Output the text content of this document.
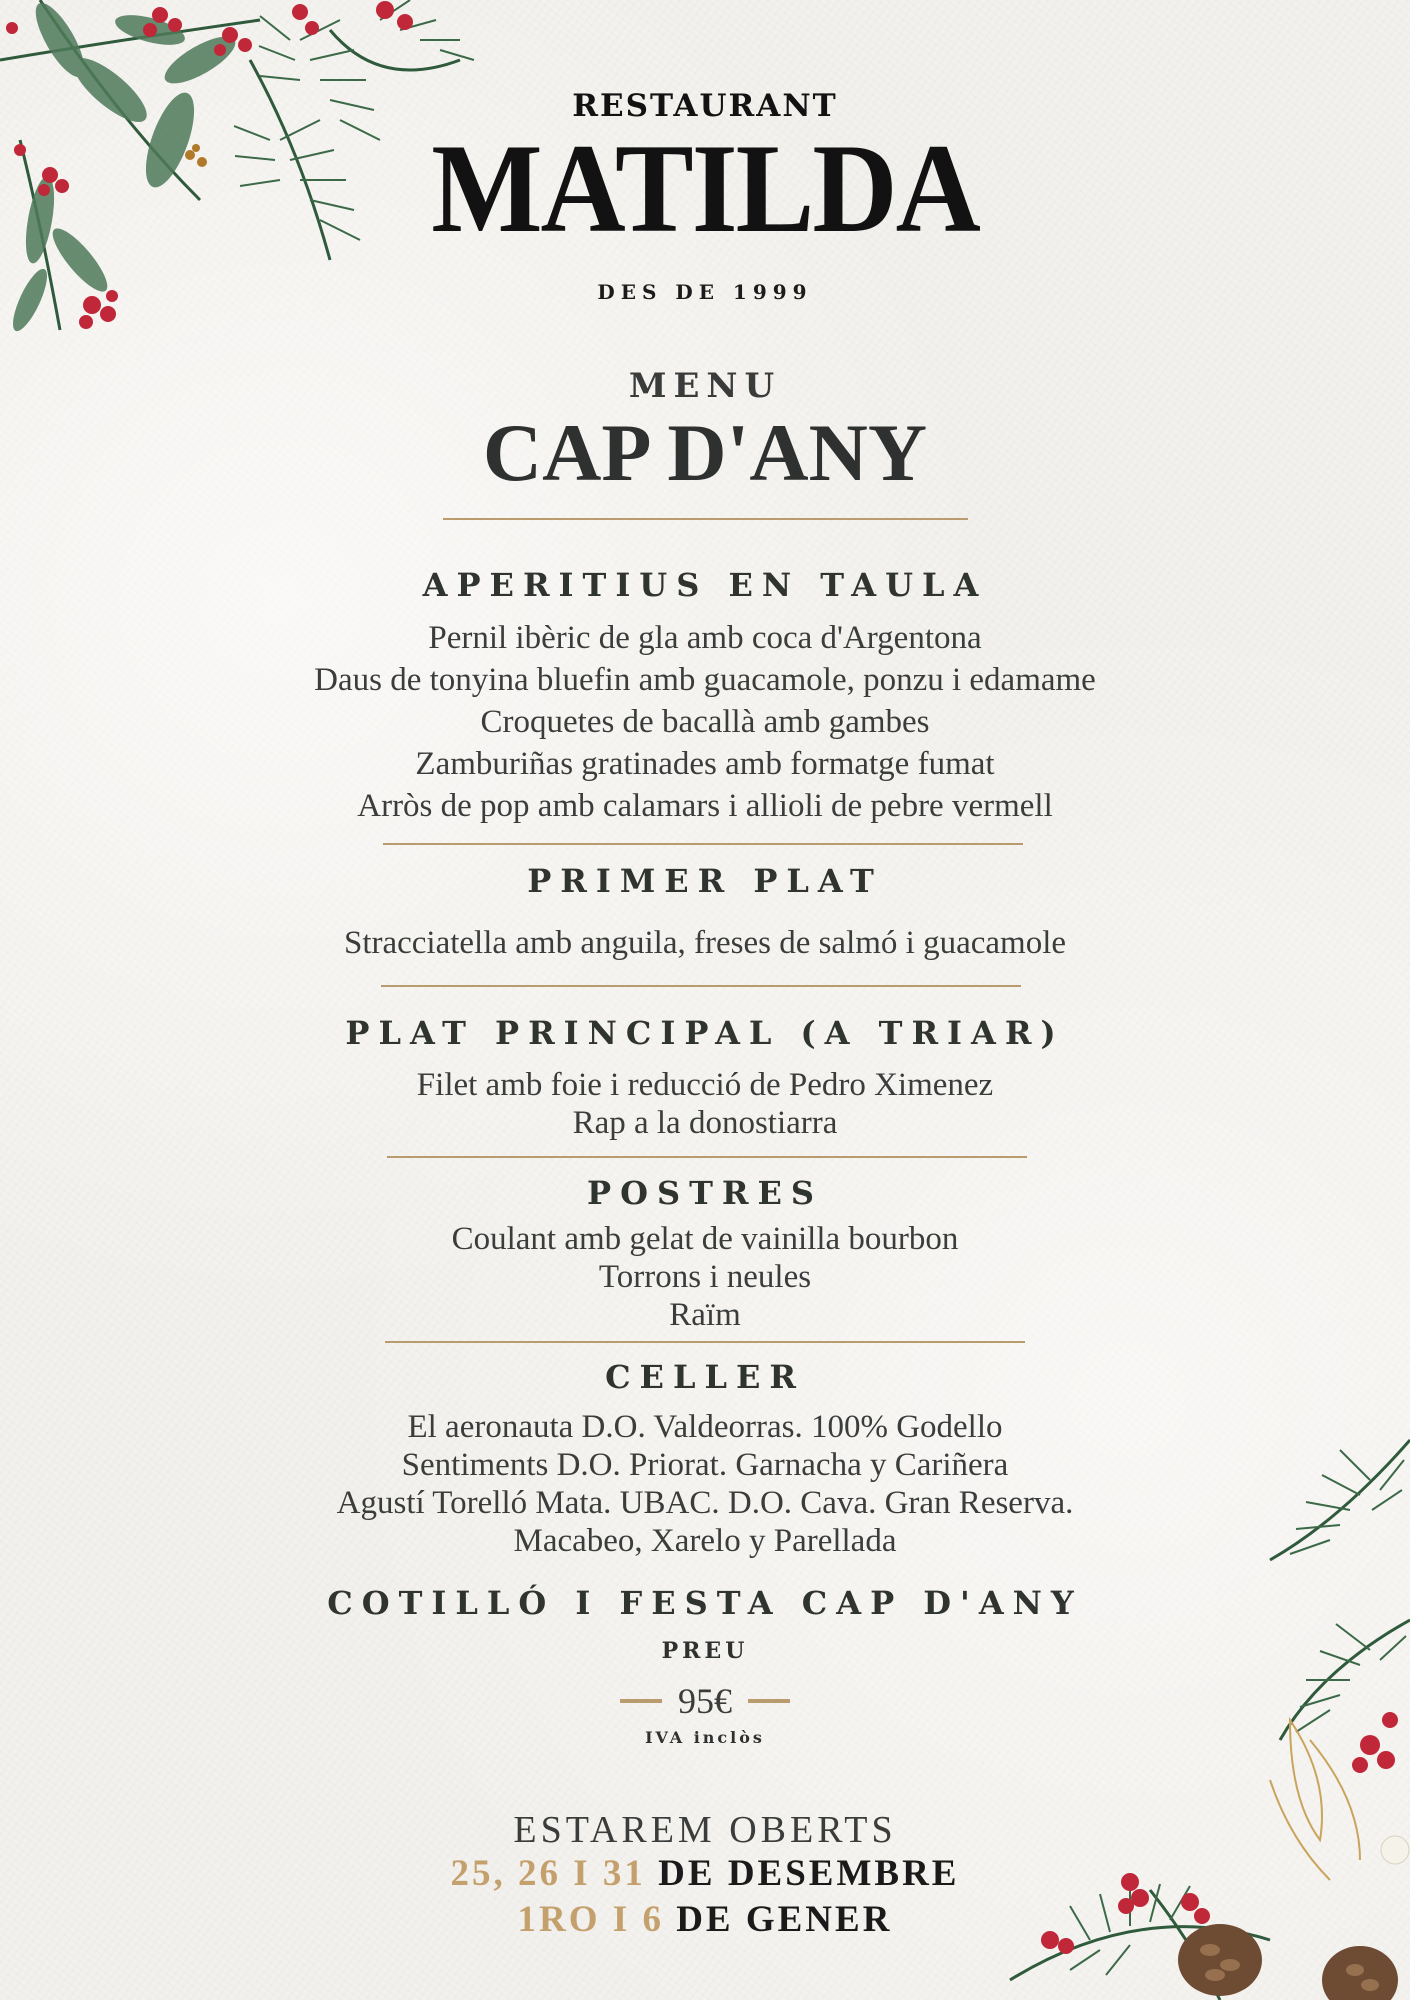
RESTAURANT
MATILDA
DES DE 1999
MENU
CAP D'ANY
APERITIUS EN TAULA
Pernil ibèric de gla amb coca d'Argentona
Daus de tonyina bluefin amb guacamole, ponzu i edamame
Croquetes de bacallà amb gambes
Zamburiñas gratinades amb formatge fumat
Arròs de pop amb calamars i allioli de pebre vermell
PRIMER PLAT
Stracciatella amb anguila, freses de salmó i guacamole
PLAT PRINCIPAL (A TRIAR)
Filet amb foie i reducció de Pedro Ximenez
Rap a la donostiarra
POSTRES
Coulant amb gelat de vainilla bourbon
Torrons i neules
Raïm
CELLER
El aeronauta D.O. Valdeorras. 100% Godello
Sentiments D.O. Priorat. Garnacha y Cariñera
Agustí Torelló Mata. UBAC. D.O. Cava. Gran Reserva.
Macabeo, Xarelo y Parellada
COTILLÓ I FESTA CAP D'ANY
PREU
95€
IVA inclòs
ESTAREM OBERTS
25, 26 I 31 DE DESEMBRE
1RO I 6 DE GENER
